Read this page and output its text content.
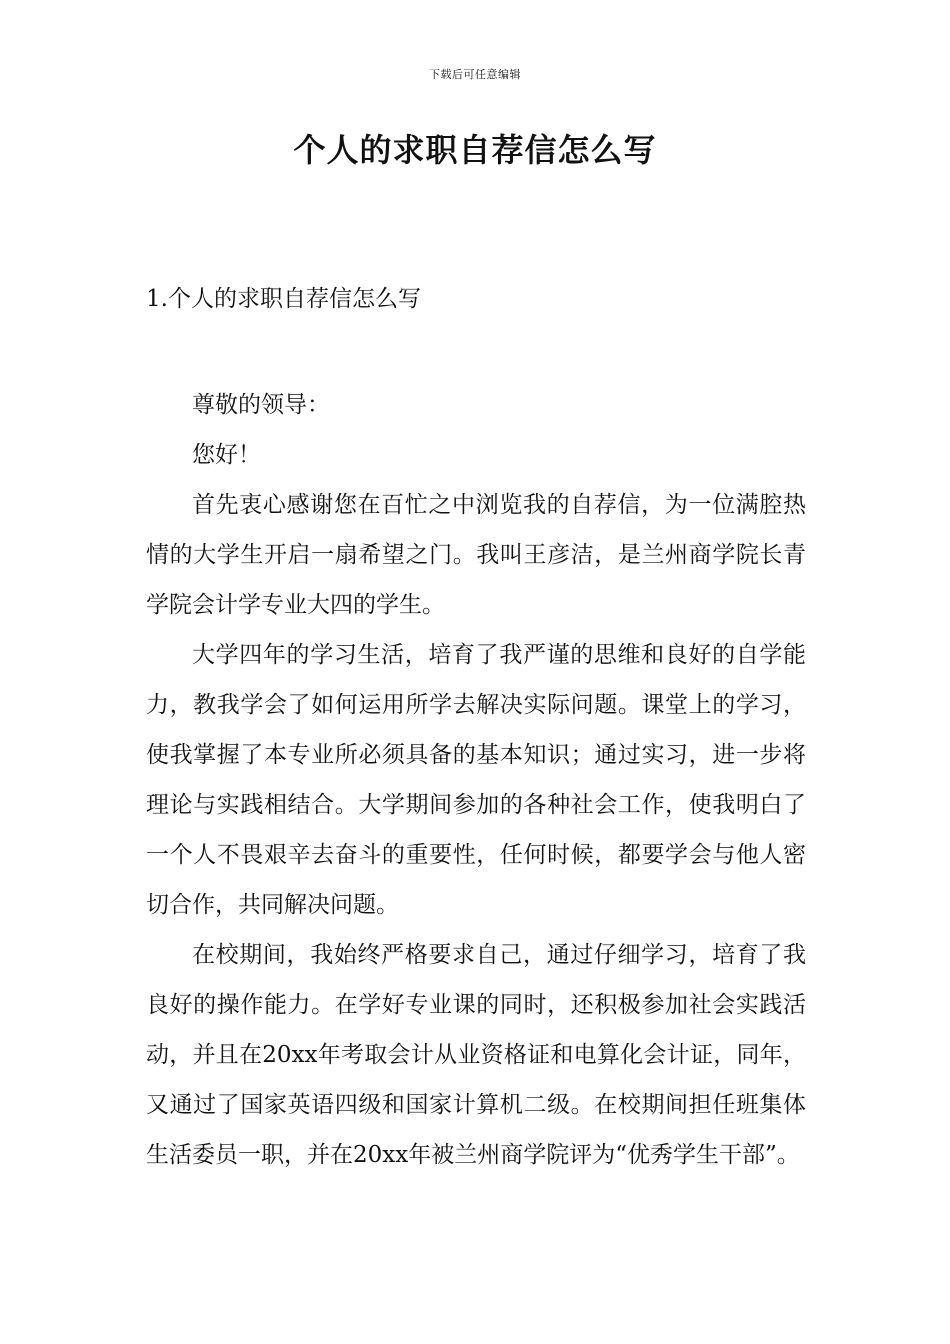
下载后可任意编辑
个人的求职自荐信怎么写
1.个人的求职自荐信怎么写

尊敬的领导：

您好！

首先衷心感谢您在百忙之中浏览我的自荐信，为一位满腔热情的大学生开启一扇希望之门。我叫王彦洁，是兰州商学院长青学院会计学专业大四的学生。

大学四年的学习生活，培育了我严谨的思维和良好的自学能力，教我学会了如何运用所学去解决实际问题。课堂上的学习，使我掌握了本专业所必须具备的基本知识；通过实习，进一步将理论与实践相结合。大学期间参加的各种社会工作，使我明白了一个人不畏艰辛去奋斗的重要性，任何时候，都要学会与他人密切合作，共同解决问题。

在校期间，我始终严格要求自己，通过仔细学习，培育了我良好的操作能力。在学好专业课的同时，还积极参加社会实践活动，并且在20xx年考取会计从业资格证和电算化会计证，同年，又通过了国家英语四级和国家计算机二级。在校期间担任班集体生活委员一职，并在20xx年被兰州商学院评为“优秀学生干部”。
